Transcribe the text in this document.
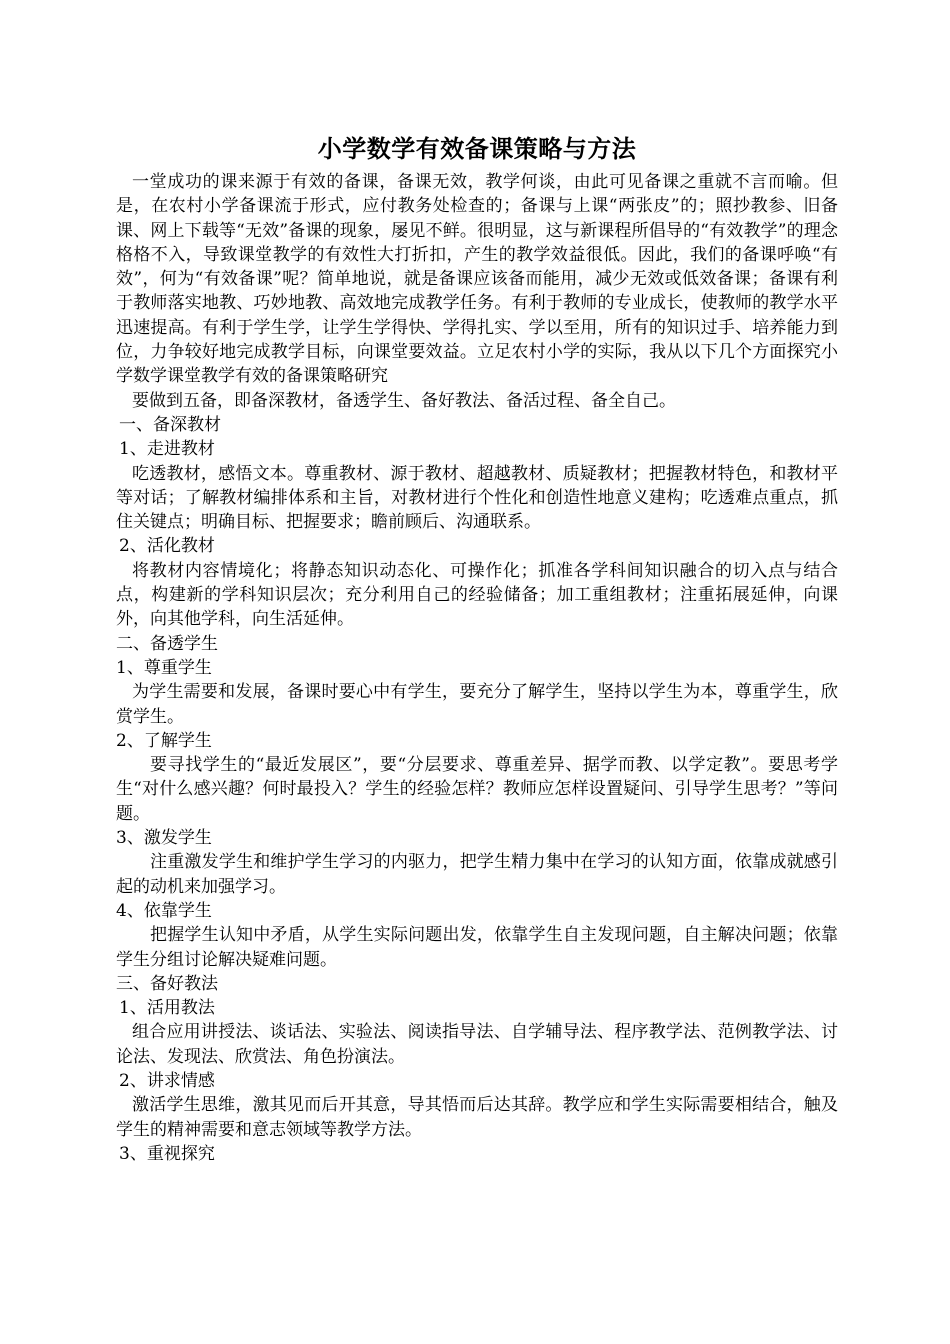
小学数学有效备课策略与方法

一堂成功的课来源于有效的备课，备课无效，教学何谈，由此可见备课之重就不言而喻。但是，在农村小学备课流于形式，应付教务处检查的；备课与上课“两张皮”的；照抄教参、旧备课、网上下载等“无效”备课的现象，屡见不鲜。很明显，这与新课程所倡导的“有效教学”的理念格格不入，导致课堂教学的有效性大打折扣，产生的教学效益很低。因此，我们的备课呼唤“有效”，何为“有效备课”呢？简单地说，就是备课应该备而能用，减少无效或低效备课；备课有利于教师落实地教、巧妙地教、高效地完成教学任务。有利于教师的专业成长，使教师的教学水平迅速提高。有利于学生学，让学生学得快、学得扎实、学以至用，所有的知识过手、培养能力到位，力争较好地完成教学目标，向课堂要效益。立足农村小学的实际，我从以下几个方面探究小学数学课堂教学有效的备课策略研究

要做到五备，即备深教材，备透学生、备好教法、备活过程、备全自己。

一、备深教材

1、走进教材

吃透教材，感悟文本。尊重教材、源于教材、超越教材、质疑教材；把握教材特色，和教材平等对话；了解教材编排体系和主旨，对教材进行个性化和创造性地意义建构；吃透难点重点，抓住关键点；明确目标、把握要求；瞻前顾后、沟通联系。

2、活化教材

将教材内容情境化；将静态知识动态化、可操作化；抓准各学科间知识融合的切入点与结合点，构建新的学科知识层次；充分利用自己的经验储备；加工重组教材；注重拓展延伸，向课外，向其他学科，向生活延伸。

二、备透学生

1、尊重学生

为学生需要和发展，备课时要心中有学生，要充分了解学生，坚持以学生为本，尊重学生，欣赏学生。

2、了解学生

要寻找学生的“最近发展区”，要“分层要求、尊重差异、据学而教、以学定教”。要思考学生“对什么感兴趣？何时最投入？学生的经验怎样？教师应怎样设置疑问、引导学生思考？”等问题。

3、激发学生

注重激发学生和维护学生学习的内驱力，把学生精力集中在学习的认知方面，依靠成就感引起的动机来加强学习。

4、依靠学生

把握学生认知中矛盾，从学生实际问题出发，依靠学生自主发现问题，自主解决问题；依靠学生分组讨论解决疑难问题。

三、备好教法

1、活用教法

组合应用讲授法、谈话法、实验法、阅读指导法、自学辅导法、程序教学法、范例教学法、讨论法、发现法、欣赏法、角色扮演法。

2、讲求情感

激活学生思维，激其见而后开其意，导其悟而后达其辞。教学应和学生实际需要相结合，触及学生的精神需要和意志领域等教学方法。

3、重视探究
